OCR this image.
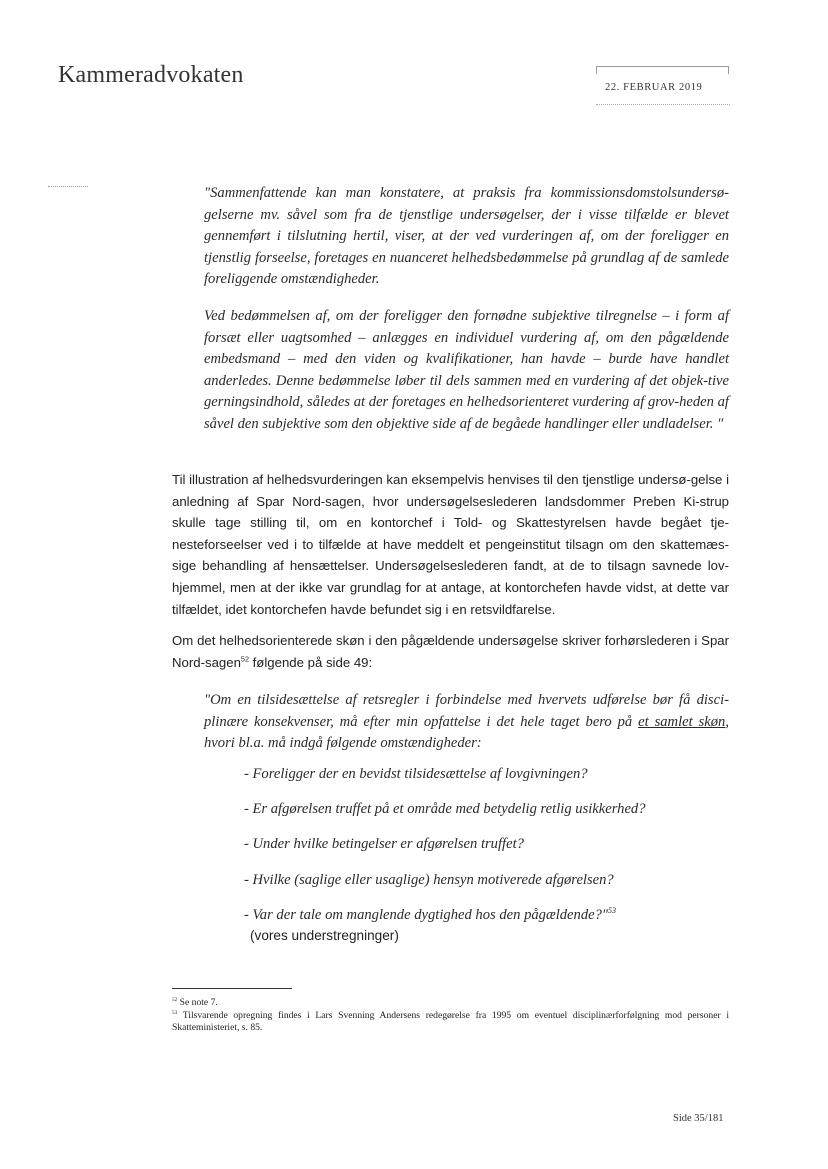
Kammeradvokaten	22. FEBRUAR 2019
"Sammenfattende kan man konstatere, at praksis fra kommissionsdomstolsundersø-gelserne mv. såvel som fra de tjenstlige undersøgelser, der i visse tilfælde er blevet gennemført i tilslutning hertil, viser, at der ved vurderingen af, om der foreligger en tjenstlig forseelse, foretages en nuanceret helhedsbedømmelse på grundlag af de samlede foreliggende omstændigheder.
Ved bedømmelsen af, om der foreligger den fornødne subjektive tilregnelse – i form af forsæt eller uagtsomhed – anlægges en individuel vurdering af, om den pågældende embedsmand – med den viden og kvalifikationer, han havde – burde have handlet anderledes. Denne bedømmelse løber til dels sammen med en vurdering af det objek-tive gerningsindhold, således at der foretages en helhedsorienteret vurdering af grov-heden af såvel den subjektive som den objektive side af de begåede handlinger eller undladelser. "
Til illustration af helhedsvurderingen kan eksempelvis henvises til den tjenstlige undersø-gelse i anledning af Spar Nord-sagen, hvor undersøgelseslederen landsdommer Preben Ki-strup skulle tage stilling til, om en kontorchef i Told- og Skattestyrelsen havde begået tje-nesteforseelser ved i to tilfælde at have meddelt et pengeinstitut tilsagn om den skattemæs-sige behandling af hensættelser. Undersøgelseslederen fandt, at de to tilsagn savnede lov-hjemmel, men at der ikke var grundlag for at antage, at kontorchefen havde vidst, at dette var tilfældet, idet kontorchefen havde befundet sig i en retsvildfarelse.
Om det helhedsorienterede skøn i den pågældende undersøgelse skriver forhørslederen i Spar Nord-sagen$^{52}$ følgende på side 49:
"Om en tilsidesættelse af retsregler i forbindelse med hvervets udførelse bør få disci-plinære konsekvenser, må efter min opfattelse i det hele taget bero på et samlet skøn, hvori bl.a. må indgå følgende omstændigheder:
- Foreligger der en bevidst tilsidesættelse af lovgivningen?
- Er afgørelsen truffet på et område med betydelig retlig usikkerhed?
- Under hvilke betingelser er afgørelsen truffet?
- Hvilke (saglige eller usaglige) hensyn motiverede afgørelsen?
- Var der tale om manglende dygtighed hos den pågældende?"$^{53}$
(vores understregninger)
$^{52}$ Se note 7.
$^{53}$ Tilsvarende opregning findes i Lars Svenning Andersens redegørelse fra 1995 om eventuel disciplinærforfølgning mod personer i Skatteministeriet, s. 85.
Side 35/181
